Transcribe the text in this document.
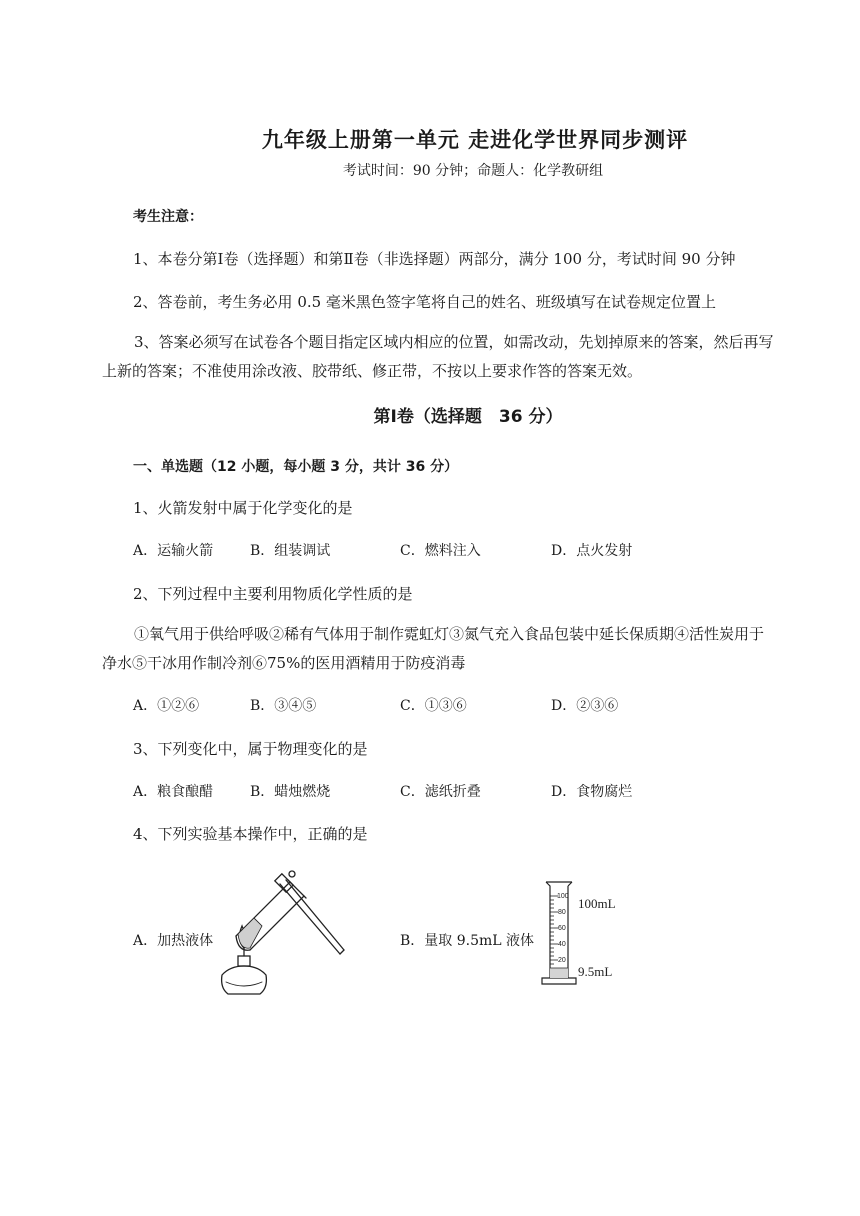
九年级上册第一单元 走进化学世界同步测评
考试时间：90 分钟；命题人：化学教研组
考生注意：
1、本卷分第Ⅰ卷（选择题）和第Ⅱ卷（非选择题）两部分，满分 100 分，考试时间 90 分钟
2、答卷前，考生务必用 0.5 毫米黑色签字笔将自己的姓名、班级填写在试卷规定位置上
3、答案必须写在试卷各个题目指定区域内相应的位置，如需改动，先划掉原来的答案，然后再写上新的答案；不准使用涂改液、胶带纸、修正带，不按以上要求作答的答案无效。
第Ⅰ卷（选择题　36 分）
一、单选题（12 小题，每小题 3 分，共计 36 分）
1、火箭发射中属于化学变化的是
A．运输火箭	B．组装调试	C．燃料注入	D．点火发射
2、下列过程中主要利用物质化学性质的是
①氧气用于供给呼吸②稀有气体用于制作霓虹灯③氮气充入食品包装中延长保质期④活性炭用于净水⑤干冰用作制冷剂⑥75%的医用酒精用于防疫消毒
A．①②⑥	B．③④⑤	C．①③⑥	D．②③⑥
3、下列变化中，属于物理变化的是
A．粮食酿醋	B．蜡烛燃烧	C．滤纸折叠	D．食物腐烂
4、下列实验基本操作中，正确的是
A．加热液体	B．量取 9.5mL 液体
100
80
60
40
20
100mL
9.5mL
